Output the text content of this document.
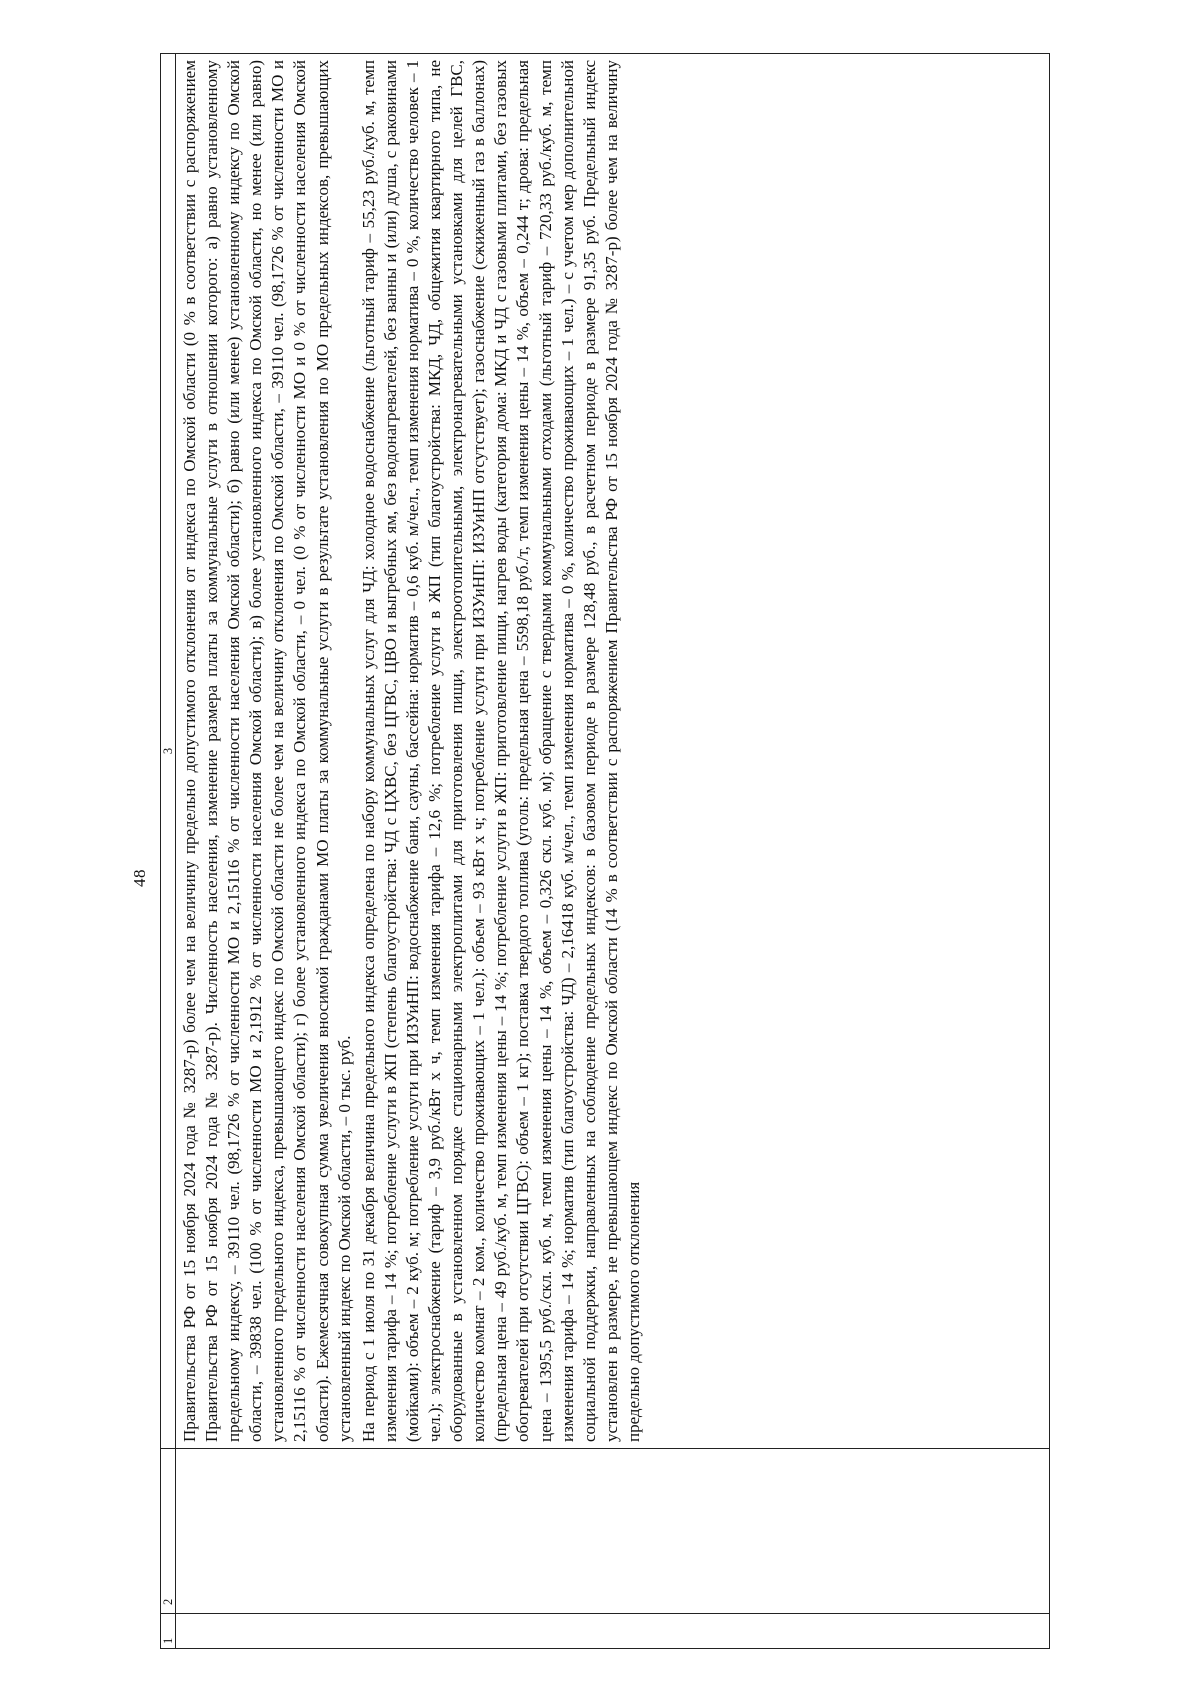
48
1	2	3

		Правительства РФ от 15 ноября 2024 года № 3287-р) более чем на величину предельно допустимого отклонения от индекса по Омской области (0 % в соответствии с распоряжением Правительства РФ от 15 ноября 2024 года № 3287-р). Численность населения, изменение размера платы за коммунальные услуги в отношении которого: а) равно установленному предельному индексу, – 39110 чел. (98,1726 % от численности МО и 2,15116 % от численности населения Омской области); б) равно (или менее) установленному индексу по Омской области, – 39838 чел. (100 % от численности МО и 2,1912 % от численности населения Омской области); в) более установленного индекса по Омской области, но менее (или равно) установленного предельного индекса, превышающего индекс по Омской области не более чем на величину отклонения по Омской области, – 39110 чел. (98,1726 % от численности МО и 2,15116 % от численности населения Омской области); г) более установленного индекса по Омской области, – 0 чел. (0 % от численности МО и 0 % от численности населения Омской области). Ежемесячная совокупная сумма увеличения вносимой гражданами МО платы за коммунальные услуги в результате установления по МО предельных индексов, превышающих установленный индекс по Омской области, – 0 тыс. руб. На период с 1 июля по 31 декабря величина предельного индекса определена по набору коммунальных услуг для ЧД: холодное водоснабжение (льготный тариф – 55,23 руб./куб. м, темп изменения тарифа – 14 %; потребление услуги в ЖП (степень благоустройства: ЧД с ЦХВС, без ЦГВС, ЦВО и выгребных ям, без водонагревателей, без ванны и (или) душа, с раковинами (мойками): объем – 2 куб. м; потребление услуги при ИЗУиНП: водоснабжение бани, сауны, бассейна: норматив – 0,6 куб. м/чел., темп изменения норматива – 0 %, количество человек – 1 чел.); электроснабжение (тариф – 3,9 руб./кВт х ч, темп изменения тарифа – 12,6 %; потребление услуги в ЖП (тип благоустройства: МКД, ЧД, общежития квартирного типа, не оборудованные в установленном порядке стационарными электроплитами для приготовления пищи, электроотопительными, электронагревательными установками для целей ГВС, количество комнат – 2 ком., количество проживающих – 1 чел.): объем – 93 кВт х ч; потребление услуги при ИЗУиНП: ИЗУиНП отсутствует); газоснабжение (сжиженный газ в баллонах) (предельная цена – 49 руб./куб. м, темп изменения цены – 14 %; потребление услуги в ЖП: приготовление пищи, нагрев воды (категория дома: МКД и ЧД с газовыми плитами, без газовых обогревателей при отсутствии ЦГВС): объем – 1 кг); поставка твердого топлива (уголь: предельная цена – 5598,18 руб./т, темп изменения цены – 14 %, объем – 0,244 т; дрова: предельная цена – 1395,5 руб./скл. куб. м, темп изменения цены – 14 %, объем – 0,326 скл. куб. м); обращение с твердыми коммунальными отходами (льготный тариф – 720,33 руб./куб. м, темп изменения тарифа – 14 %; норматив (тип благоустройства: ЧД) – 2,16418 куб. м/чел., темп изменения норматива – 0 %, количество проживающих – 1 чел.) – с учетом мер дополнительной социальной поддержки, направленных на соблюдение предельных индексов: в базовом периоде в размере 128,48 руб., в расчетном периоде в размере 91,35 руб. Предельный индекс установлен в размере, не превышающем индекс по Омской области (14 % в соответствии с распоряжением Правительства РФ от 15 ноября 2024 года № 3287-р) более чем на величину предельно допустимого отклонения
